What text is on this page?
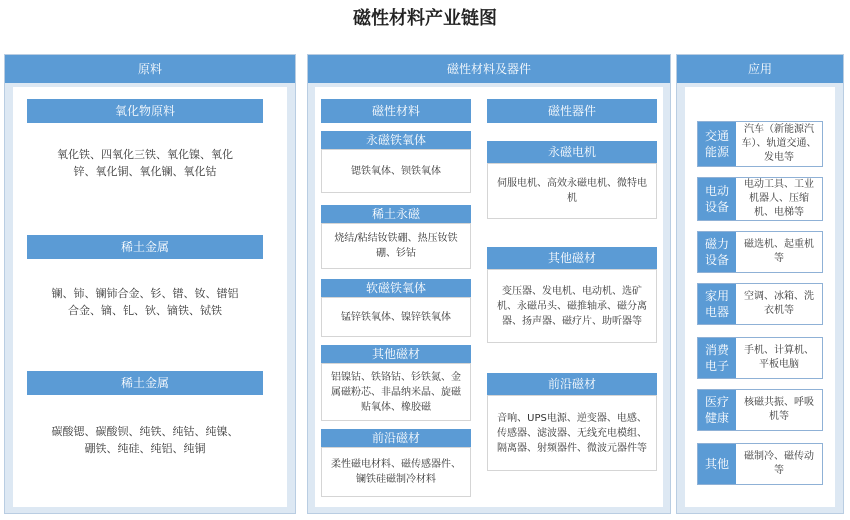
磁性材料产业链图
原料
氧化物原料
氧化铁、四氧化三铁、氧化镍、氧化锌、氧化铜、氧化镧、氧化钴
稀土金属
镧、铈、镧铈合金、钐、镨、钕、镨铝合金、镝、钆、钬、镝铁、铽铁
稀土金属
碳酸锶、碳酸钡、纯铁、纯钴、纯镍、硼铁、纯硅、纯铝、纯铜
磁性材料及器件
磁性材料
永磁铁氧体
锶铁氧体、钡铁氧体
稀土永磁
烧结/粘结钕铁硼、热压钕铁硼、钐钴
软磁铁氧体
锰锌铁氧体、镍锌铁氧体
其他磁材
铝镍钴、铁铬钴、钐铁氮、金属磁粉芯、非晶纳米晶、旋磁贴氧体、橡胶磁
前沿磁材
柔性磁电材料、磁传感器件、镧铁硅磁制冷材料
磁性器件
永磁电机
伺服电机、高效永磁电机、微特电机
其他磁材
变压器、发电机、电动机、选矿机、永磁吊头、磁推轴承、磁分离器、扬声器、磁疗片、助听器等
前沿磁材
音响、UPS电源、逆变器、电感、传感器、滤波器、无线充电模组、隔离器、射频器件、微波元器件等
应用
交通能源
汽车（新能源汽车）、轨道交通、发电等
电动设备
电动工具、工业机器人、压缩机、电梯等
磁力设备
磁选机、起重机等
家用电器
空调、冰箱、洗衣机等
消费电子
手机、计算机、平板电脑
医疗健康
核磁共振、呼吸机等
其他
磁制冷、磁传动等
